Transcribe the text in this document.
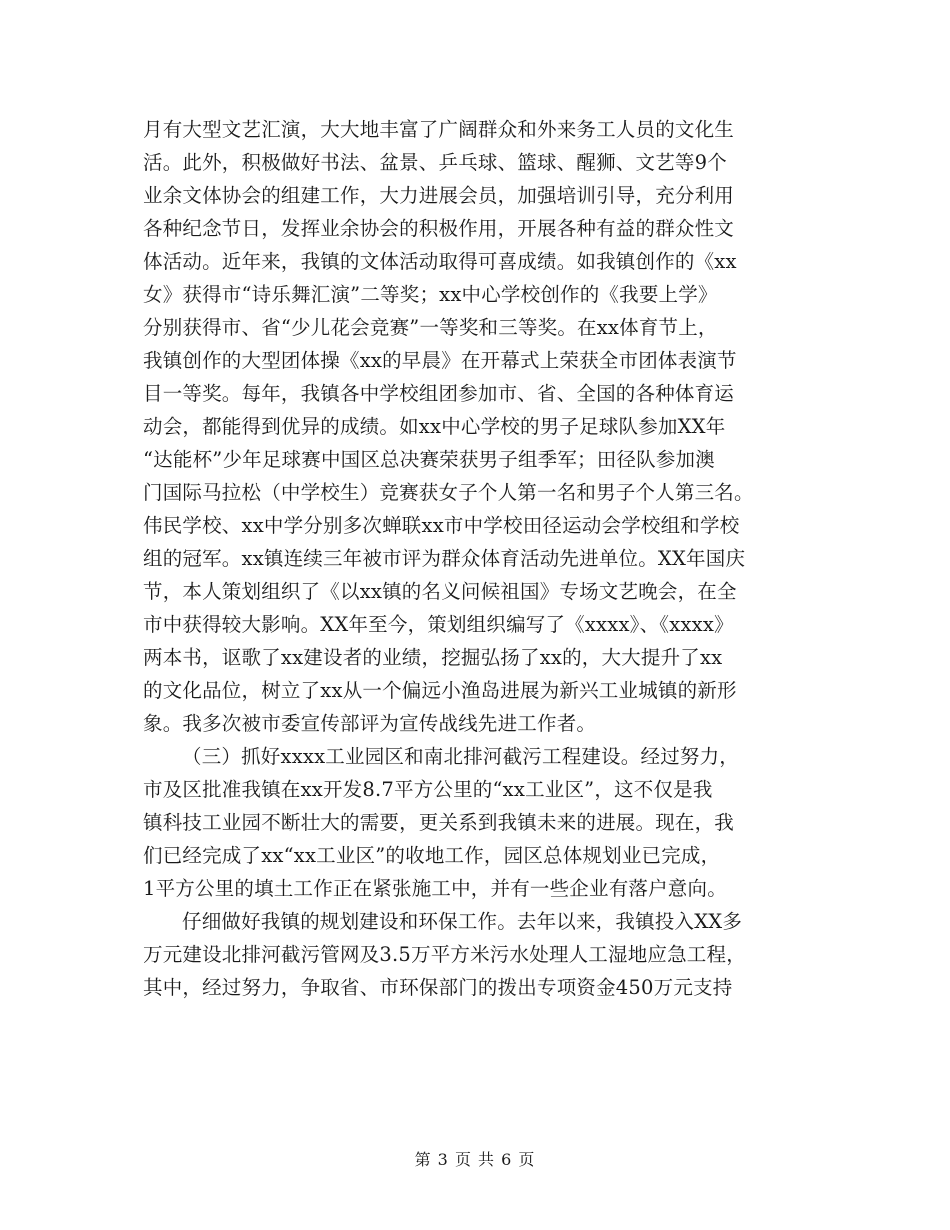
月有大型文艺汇演，大大地丰富了广阔群众和外来务工人员的文化生
活。此外，积极做好书法、盆景、乒乓球、篮球、醒狮、文艺等9个
业余文体协会的组建工作，大力进展会员，加强培训引导，充分利用
各种纪念节日，发挥业余协会的积极作用，开展各种有益的群众性文
体活动。近年来，我镇的文体活动取得可喜成绩。如我镇创作的《xx
女》获得市“诗乐舞汇演”二等奖；xx中心学校创作的《我要上学》
分别获得市、省“少儿花会竞赛”一等奖和三等奖。在xx体育节上，
我镇创作的大型团体操《xx的早晨》在开幕式上荣获全市团体表演节
目一等奖。每年，我镇各中学校组团参加市、省、全国的各种体育运
动会，都能得到优异的成绩。如xx中心学校的男子足球队参加XX年
“达能杯”少年足球赛中国区总决赛荣获男子组季军；田径队参加澳
门国际马拉松（中学校生）竞赛获女子个人第一名和男子个人第三名。
伟民学校、xx中学分别多次蝉联xx市中学校田径运动会学校组和学校
组的冠军。xx镇连续三年被市评为群众体育活动先进单位。XX年国庆
节，本人策划组织了《以xx镇的名义问候祖国》专场文艺晚会，在全
市中获得较大影响。XX年至今，策划组织编写了《xxxx》、《xxxx》
两本书，讴歌了xx建设者的业绩，挖掘弘扬了xx的，大大提升了xx
的文化品位，树立了xx从一个偏远小渔岛进展为新兴工业城镇的新形
象。我多次被市委宣传部评为宣传战线先进工作者。
（三）抓好xxxx工业园区和南北排河截污工程建设。经过努力，
市及区批准我镇在xx开发8.7平方公里的“xx工业区”，这不仅是我
镇科技工业园不断壮大的需要，更关系到我镇未来的进展。现在，我
们已经完成了xx“xx工业区”的收地工作，园区总体规划业已完成，
1平方公里的填土工作正在紧张施工中，并有一些企业有落户意向。
仔细做好我镇的规划建设和环保工作。去年以来，我镇投入XX多
万元建设北排河截污管网及3.5万平方米污水处理人工湿地应急工程，
其中，经过努力，争取省、市环保部门的拨出专项资金450万元支持
第 3 页 共 6 页
